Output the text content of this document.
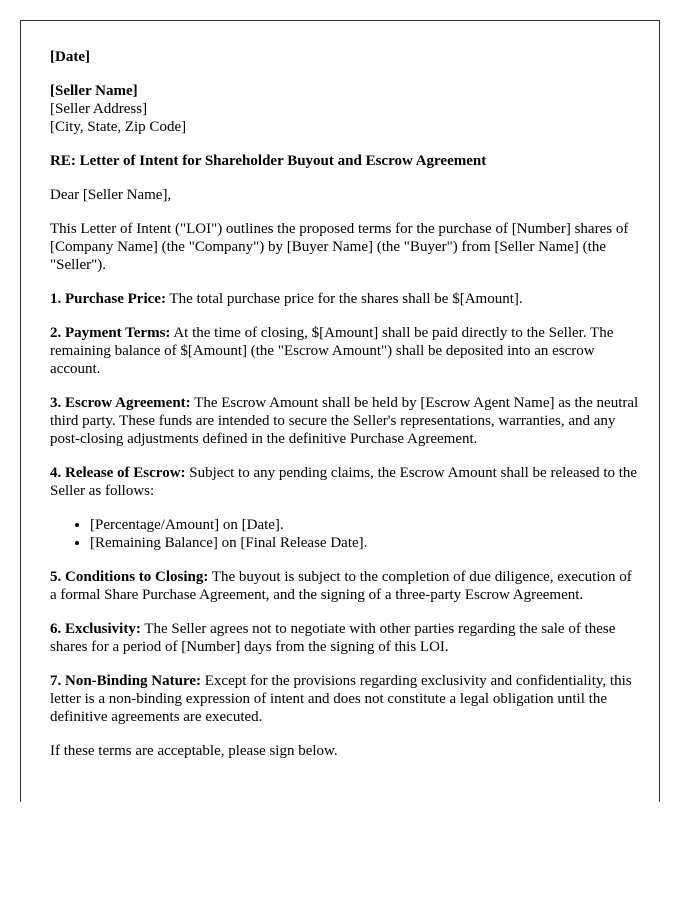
[Date]

[Seller Name]

[Seller Address]

[City, State, Zip Code]

RE: Letter of Intent for Shareholder Buyout and Escrow Agreement

Dear [Seller Name],

This Letter of Intent ("LOI") outlines the proposed terms for the purchase of [Number] shares of [Company Name] (the "Company") by [Buyer Name] (the "Buyer") from [Seller Name] (the "Seller").

1. Purchase Price: The total purchase price for the shares shall be $[Amount].

2. Payment Terms: At the time of closing, $[Amount] shall be paid directly to the Seller. The remaining balance of $[Amount] (the "Escrow Amount") shall be deposited into an escrow account.

3. Escrow Agreement: The Escrow Amount shall be held by [Escrow Agent Name] as the neutral third party. These funds are intended to secure the Seller's representations, warranties, and any post-closing adjustments defined in the definitive Purchase Agreement.

4. Release of Escrow: Subject to any pending claims, the Escrow Amount shall be released to the Seller as follows:

• [Percentage/Amount] on [Date].
• [Remaining Balance] on [Final Release Date].

5. Conditions to Closing: The buyout is subject to the completion of due diligence, execution of a formal Share Purchase Agreement, and the signing of a three-party Escrow Agreement.

6. Exclusivity: The Seller agrees not to negotiate with other parties regarding the sale of these shares for a period of [Number] days from the signing of this LOI.

7. Non-Binding Nature: Except for the provisions regarding exclusivity and confidentiality, this letter is a non-binding expression of intent and does not constitute a legal obligation until the definitive agreements are executed.

If these terms are acceptable, please sign below.
